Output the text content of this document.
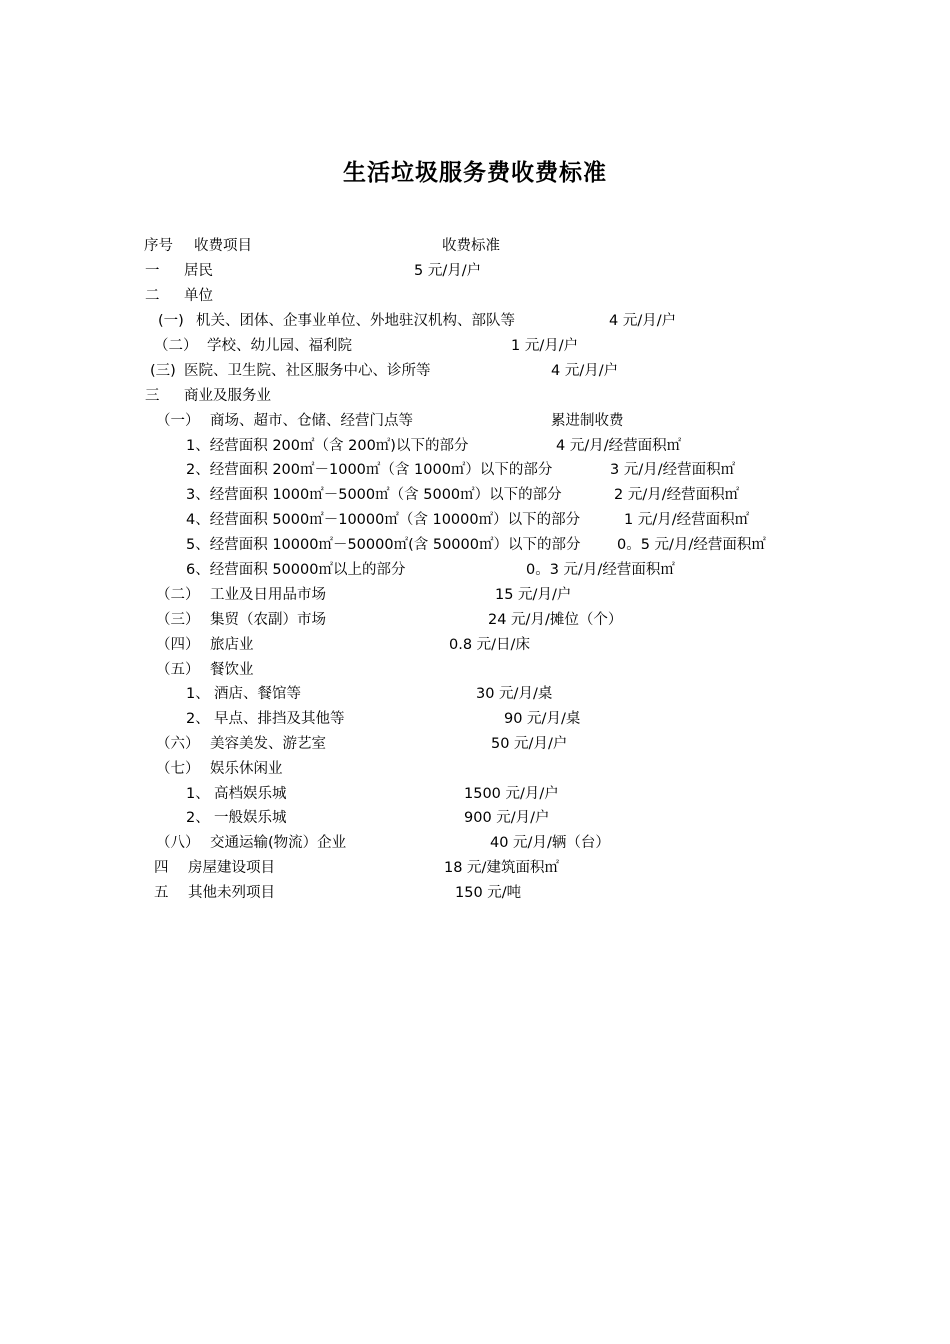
生活垃圾服务费收费标准
序号 收费项目	收费标准
一 居民	5 元/月/户
二 单位
(一) 机关、团体、企事业单位、外地驻汉机构、部队等	4 元/月/户
（二） 学校、幼儿园、福利院	1 元/月/户
(三) 医院、卫生院、社区服务中心、诊所等	4 元/月/户
三 商业及服务业
（一） 商场、超市、仓储、经营门点等	累进制收费
1、经营面积 200㎡（含 200㎡)以下的部分	4 元/月/经营面积㎡
2、经营面积 200㎡－1000㎡（含 1000㎡）以下的部分	3 元/月/经营面积㎡
3、经营面积 1000㎡－5000㎡（含 5000㎡）以下的部分	2 元/月/经营面积㎡
4、经营面积 5000㎡－10000㎡（含 10000㎡）以下的部分	1 元/月/经营面积㎡
5、经营面积 10000㎡－50000㎡(含 50000㎡）以下的部分	0。5 元/月/经营面积㎡
6、经营面积 50000㎡以上的部分	0。3 元/月/经营面积㎡
（二） 工业及日用品市场	15 元/月/户
（三） 集贸（农副）市场	24 元/月/摊位（个）
（四） 旅店业	0.8 元/日/床
（五） 餐饮业
1、 酒店、餐馆等	30 元/月/桌
2、 早点、排挡及其他等	90 元/月/桌
（六） 美容美发、游艺室	50 元/月/户
（七） 娱乐休闲业
1、 高档娱乐城	1500 元/月/户
2、 一般娱乐城	900 元/月/户
（八） 交通运输(物流）企业	40 元/月/辆（台）
四 房屋建设项目	18 元/建筑面积㎡
五 其他未列项目	150 元/吨
